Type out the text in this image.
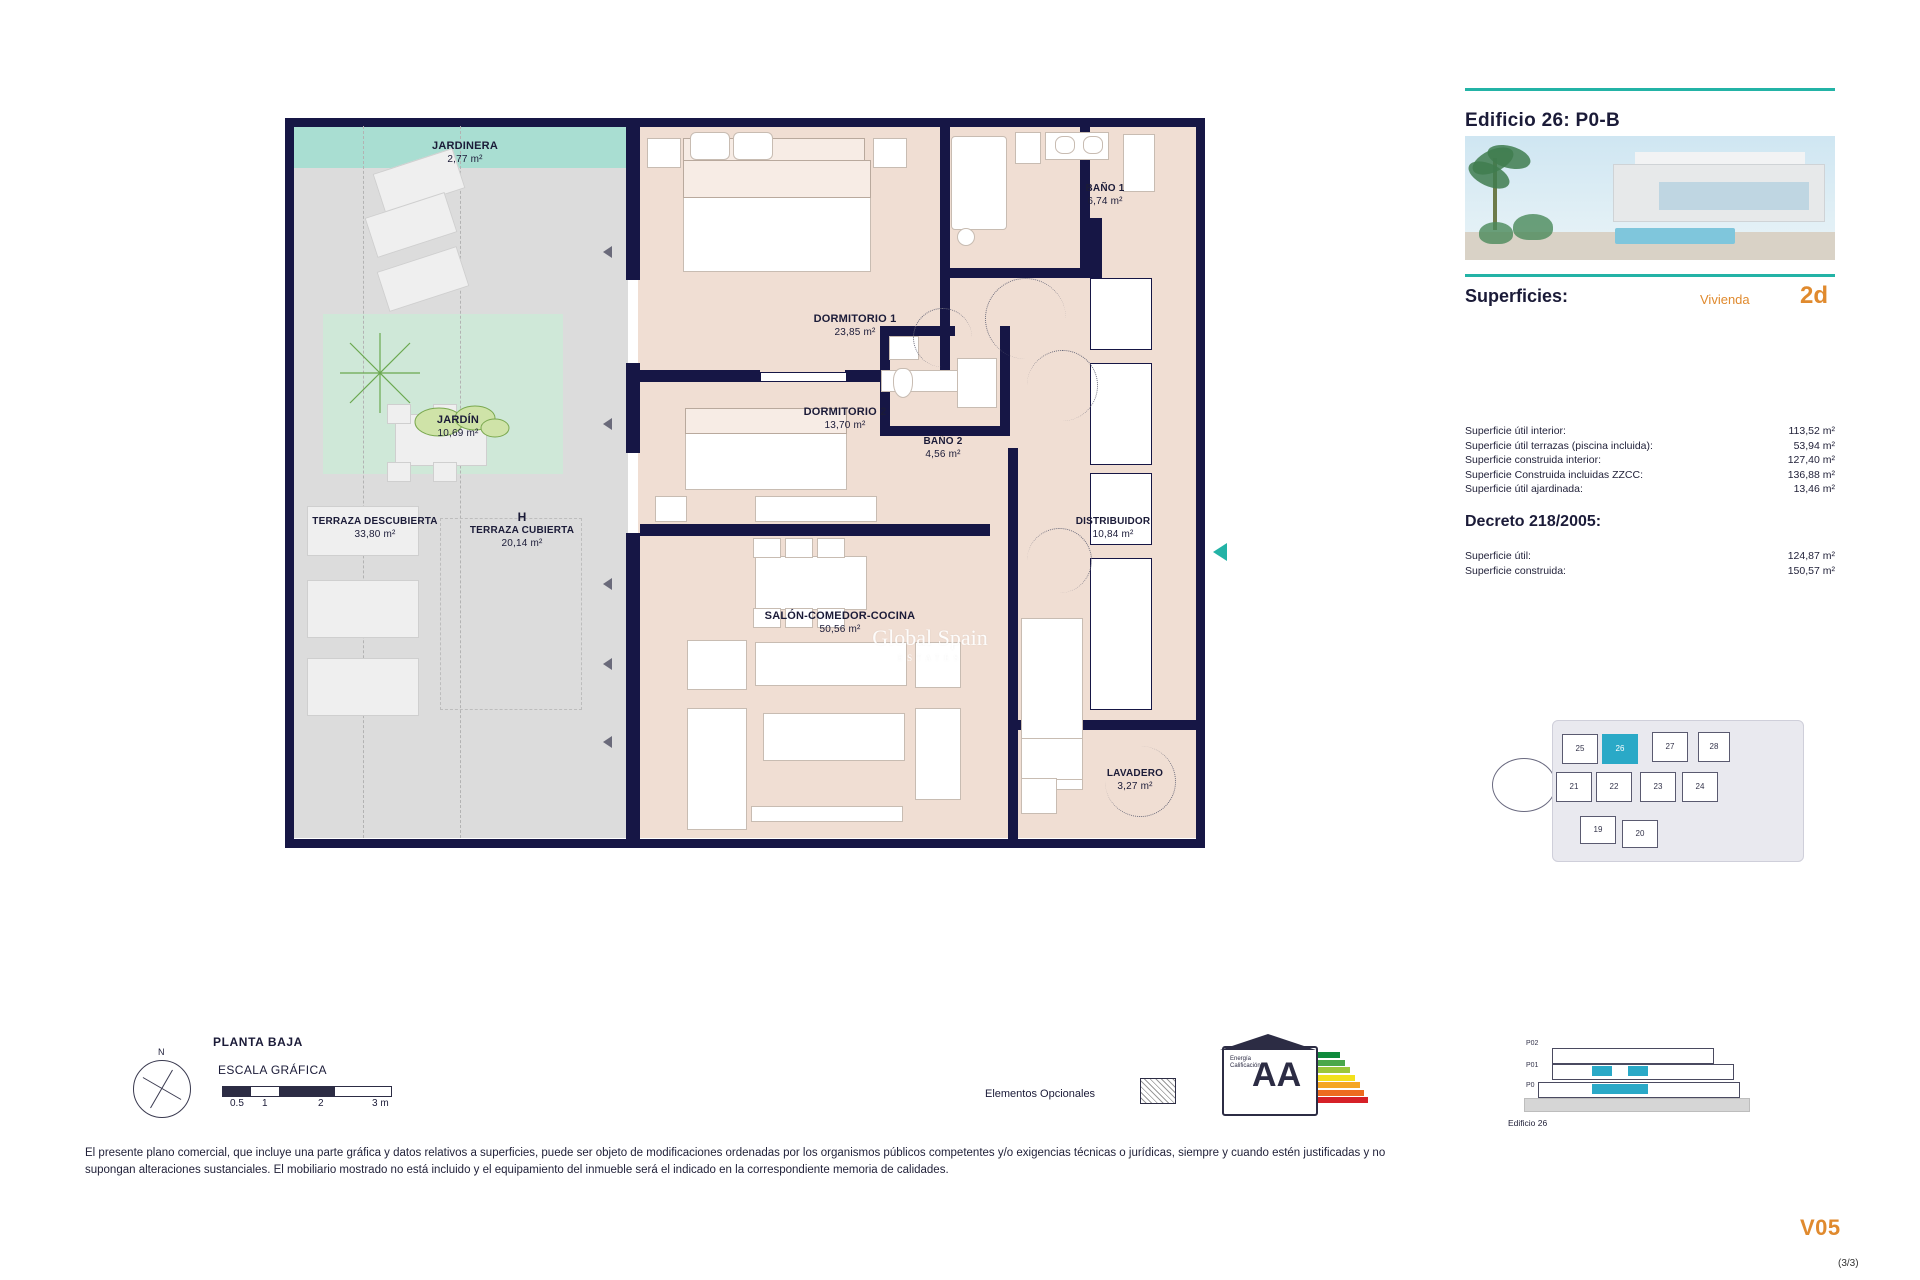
JARDINERA
2,77 m²
JARDÍN
10,69 m²
TERRAZA DESCUBIERTA
33,80 m²
H
TERRAZA CUBIERTA
20,14 m²
DORMITORIO 1
23,85 m²
DORMITORIO 2
13,70 m²
BAÑO 1
6,74 m²
BAÑO 2
4,56 m²
DISTRIBUIDOR
10,84 m²
SALÓN-COMEDOR-COCINA
50,56 m²
LAVADERO
3,27 m²
Global Spain
ESTATES
PLANTA BAJA
N
ESCALA GRÁFICA
0.5 1	2	3 m
Elementos Opcionales
Energía Calificación
AA
El presente plano comercial, que incluye una parte gráfica y datos relativos a superficies, puede ser objeto de modificaciones ordenadas por los organismos públicos competentes y/o exigencias técnicas o jurídicas, siempre y cuando estén justificadas y no supongan alteraciones sustanciales. El mobiliario mostrado no está incluido y el equipamiento del inmueble será el indicado en la correspondiente memoria de calidades.
Edificio 26: P0-B
Superficies:	Vivienda 2d
Superficie útil interior:	113,52 m²
Superficie útil terrazas (piscina incluida):	53,94 m²
Superficie construida interior:	127,40 m²
Superficie Construida incluidas ZZCC:	136,88 m²
Superficie útil ajardinada:	13,46 m²
Decreto 218/2005:
Superficie útil:	124,87 m²
Superficie construida:	150,57 m²
25	26	27	28
21	22	23	24
19	20
P02
P01
P0
Edificio 26
V05
(3/3)
